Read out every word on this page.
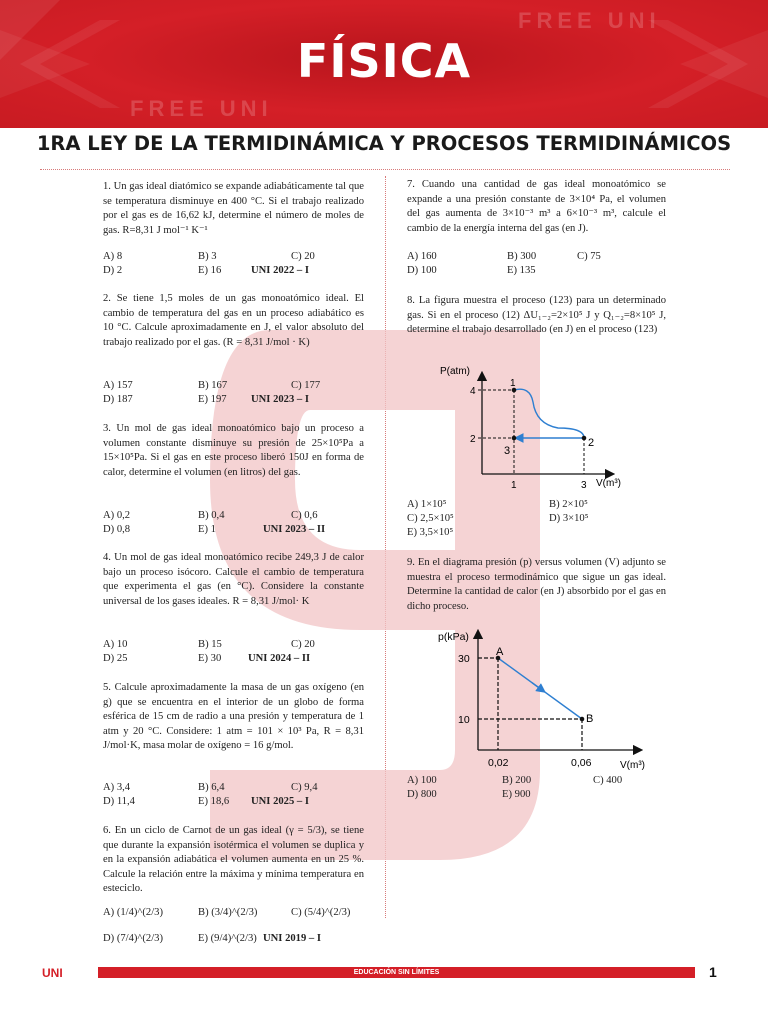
FREE UNI
FREE UNI
FÍSICA
1RA LEY DE LA TERMIDINÁMICA Y PROCESOS TERMIDINÁMICOS
1. Un gas ideal diatómico se expande adiabáticamente tal que se temperatura disminuye en 400 °C. Si el trabajo realizado por el gas es de 16,62 kJ, determine el número de moles de gas. R=8,31 J mol⁻¹ K⁻¹
A) 8	B) 3	C) 20
D) 2	E) 16	UNI 2022 – I
2. Se tiene 1,5 moles de un gas monoatómico ideal. El cambio de temperatura del gas en un proceso adiabático es 10 °C. Calcule aproximadamente en J, el valor absoluto del trabajo realizado por el gas. (R = 8,31 J/mol · K)
A) 157	B) 167	C) 177
D) 187	E) 197 UNI 2023 – I
3. Un mol de gas ideal monoatómico bajo un proceso a volumen constante disminuye su presión de 25×10⁵Pa a 15×10⁵Pa. Si el gas en este proceso liberó 150J en forma de calor, determine el volumen (en litros) del gas.
A) 0,2	B) 0,4	C) 0,6
D) 0,8	E) 1	UNI 2023 – II
4. Un mol de gas ideal monoatómico recibe 249,3 J de calor bajo un proceso isócoro. Calcule el cambio de temperatura que experimenta el gas (en °C). Considere la constante universal de los gases ideales. R = 8,31 J/mol· K
A) 10	B) 15	C) 20
D) 25	E) 30	UNI 2024 – II
5. Calcule aproximadamente la masa de un gas oxígeno (en g) que se encuentra en el interior de un globo de forma esférica de 15 cm de radio a una presión y temperatura de 1 atm y 20 °C. Considere: 1 atm = 101 × 10³ Pa, R = 8,31 J/mol·K, masa molar de oxígeno = 16 g/mol.
A) 3,4	B) 6,4	C) 9,4
D) 11,4	E) 18,6 UNI 2025 – I
6. En un ciclo de Carnot de un gas ideal (γ = 5/3), se tiene que durante la expansión isotérmica el volumen se duplica y en la expansión adiabática el volumen aumenta en un 25 %. Calcule la relación entre la máxima y mínima temperatura en esteciclo.
A) (1/4)^(2/3)	B) (3/4)^(2/3)	C) (5/4)^(2/3)
D) (7/4)^(2/3)	E) (9/4)^(2/3) UNI 2019 – I
7. Cuando una cantidad de gas ideal monoatómico se expande a una presión constante de 3×10⁴ Pa, el volumen del gas aumenta de 3×10⁻³ m³ a 6×10⁻³ m³, calcule el cambio de la energía interna del gas (en J).
A) 160	B) 300	C) 75
D) 100	E) 135
8. La figura muestra el proceso (123) para un determinado gas. Si en el proceso (12) ΔU₁₋₂=2×10⁵ J y Q₁₋₂=8×10⁵ J, determine el trabajo desarrollado (en J) en el proceso (123)
P(atm)
V(m³)
4
2
1	3
1
2
3
A) 1×10⁵	B) 2×10⁵
C) 2,5×10⁵	D) 3×10⁵
E) 3,5×10⁵
9. En el diagrama presión (p) versus volumen (V) adjunto se muestra el proceso termodinámico que sigue un gas ideal. Determine la cantidad de calor (en J) absorbido por el gas en dicho proceso.
p(kPa)
V(m³)
30
10
0,02	0,06
A
B
A) 100	B) 200	C) 400
D) 800	E) 900
UNI	EDUCACIÓN SIN LÍMITES	1
